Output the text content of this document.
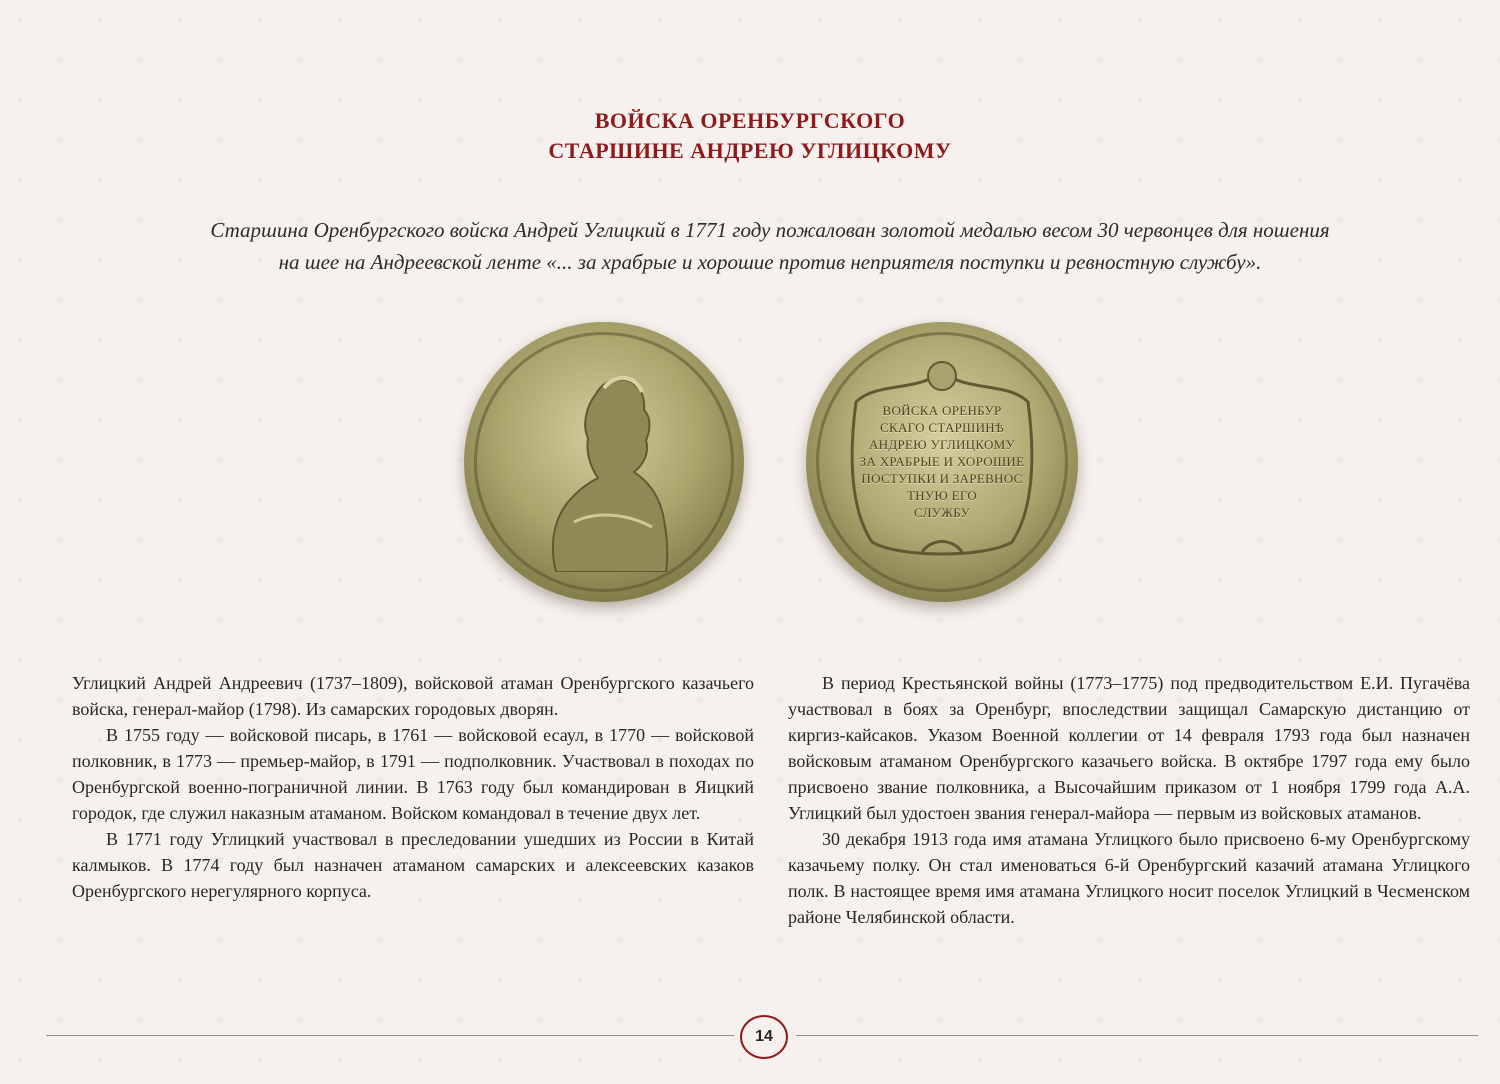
ВОЙСКА ОРЕНБУРГСКОГО
СТАРШИНЕ АНДРЕЮ УГЛИЦКОМУ
Старшина Оренбургского войска Андрей Углицкий в 1771 году пожалован золотой медалью весом 30 червонцев для ношения
на шее на Андреевской ленте «... за храбрые и хорошие против неприятеля поступки и ревностную службу».
ВОЙСКА ОРЕНБУР
СКАГО СТАРШИНѢ
АНДРЕЮ УГЛИЦКОМУ
ЗА ХРАБРЫЕ И ХОРОШИЕ
ПОСТУПКИ И ЗАРЕВНОС
ТНУЮ ЕГО
СЛУЖБУ

Углицкий Андрей Андреевич (1737–1809), войсковой атаман Оренбургского казачьего войска, генерал-майор (1798). Из самарских городовых дворян.

В 1755 году — войсковой писарь, в 1761 — войсковой есаул, в 1770 — войсковой полковник, в 1773 — премьер-майор, в 1791 — подполковник. Участвовал в походах по Оренбургской военно-пограничной линии. В 1763 году был командирован в Яицкий городок, где служил наказным атаманом. Войском командовал в течение двух лет.

В 1771 году Углицкий участвовал в преследовании ушедших из России в Китай калмыков. В 1774 году был назначен атаманом самарских и алексеевских казаков Оренбургского нерегулярного корпуса.

В период Крестьянской войны (1773–1775) под предводительством Е.И. Пугачёва участвовал в боях за Оренбург, впоследствии защищал Самарскую дистанцию от киргиз-кайсаков. Указом Военной коллегии от 14 февраля 1793 года был назначен войсковым атаманом Оренбургского казачьего войска. В октябре 1797 года ему было присвоено звание полковника, а Высочайшим приказом от 1 ноября 1799 года А.А. Углицкий был удостоен звания генерал-майора — первым из войсковых атаманов.

30 декабря 1913 года имя атамана Углицкого было присвоено 6-му Оренбургскому казачьему полку. Он стал именоваться 6-й Оренбургский казачий атамана Углицкого полк. В настоящее время имя атамана Углицкого носит поселок Углицкий в Чесменском районе Челябинской области.

14
